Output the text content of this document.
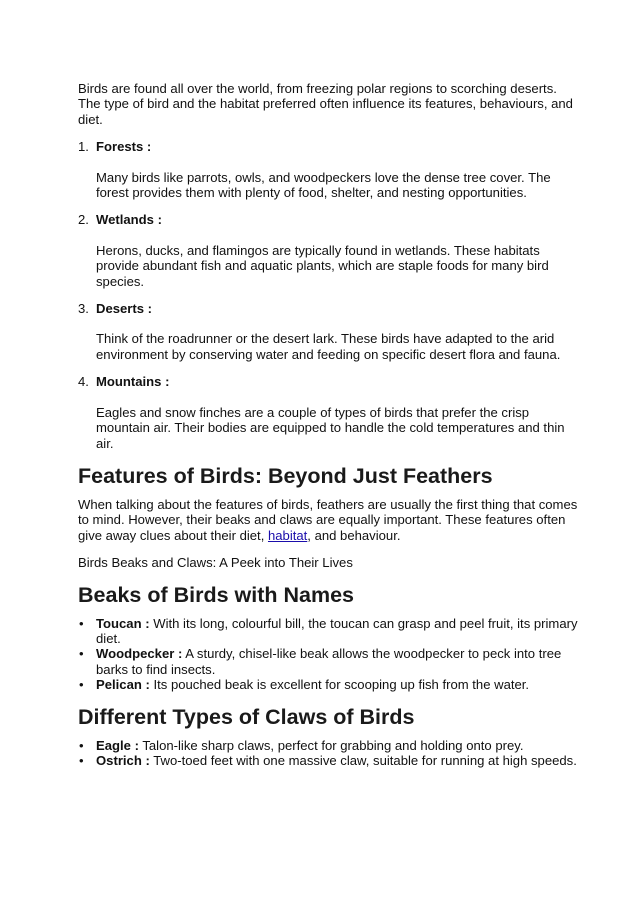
Birds are found all over the world, from freezing polar regions to scorching deserts. The type of bird and the habitat preferred often influence its features, behaviours, and diet.

1. Forests :

Many birds like parrots, owls, and woodpeckers love the dense tree cover. The forest provides them with plenty of food, shelter, and nesting opportunities.

2. Wetlands :

Herons, ducks, and flamingos are typically found in wetlands. These habitats provide abundant fish and aquatic plants, which are staple foods for many bird species.

3. Deserts :

Think of the roadrunner or the desert lark. These birds have adapted to the arid environment by conserving water and feeding on specific desert flora and fauna.

4. Mountains :

Eagles and snow finches are a couple of types of birds that prefer the crisp mountain air. Their bodies are equipped to handle the cold temperatures and thin air.

Features of Birds: Beyond Just Feathers

When talking about the features of birds, feathers are usually the first thing that comes to mind. However, their beaks and claws are equally important. These features often give away clues about their diet, habitat, and behaviour.

Birds Beaks and Claws: A Peek into Their Lives

Beaks of Birds with Names
• Toucan : With its long, colourful bill, the toucan can grasp and peel fruit, its primary diet.
• Woodpecker : A sturdy, chisel-like beak allows the woodpecker to peck into tree barks to find insects.
• Pelican : Its pouched beak is excellent for scooping up fish from the water.
Different Types of Claws of Birds
• Eagle : Talon-like sharp claws, perfect for grabbing and holding onto prey.
• Ostrich : Two-toed feet with one massive claw, suitable for running at high speeds.
